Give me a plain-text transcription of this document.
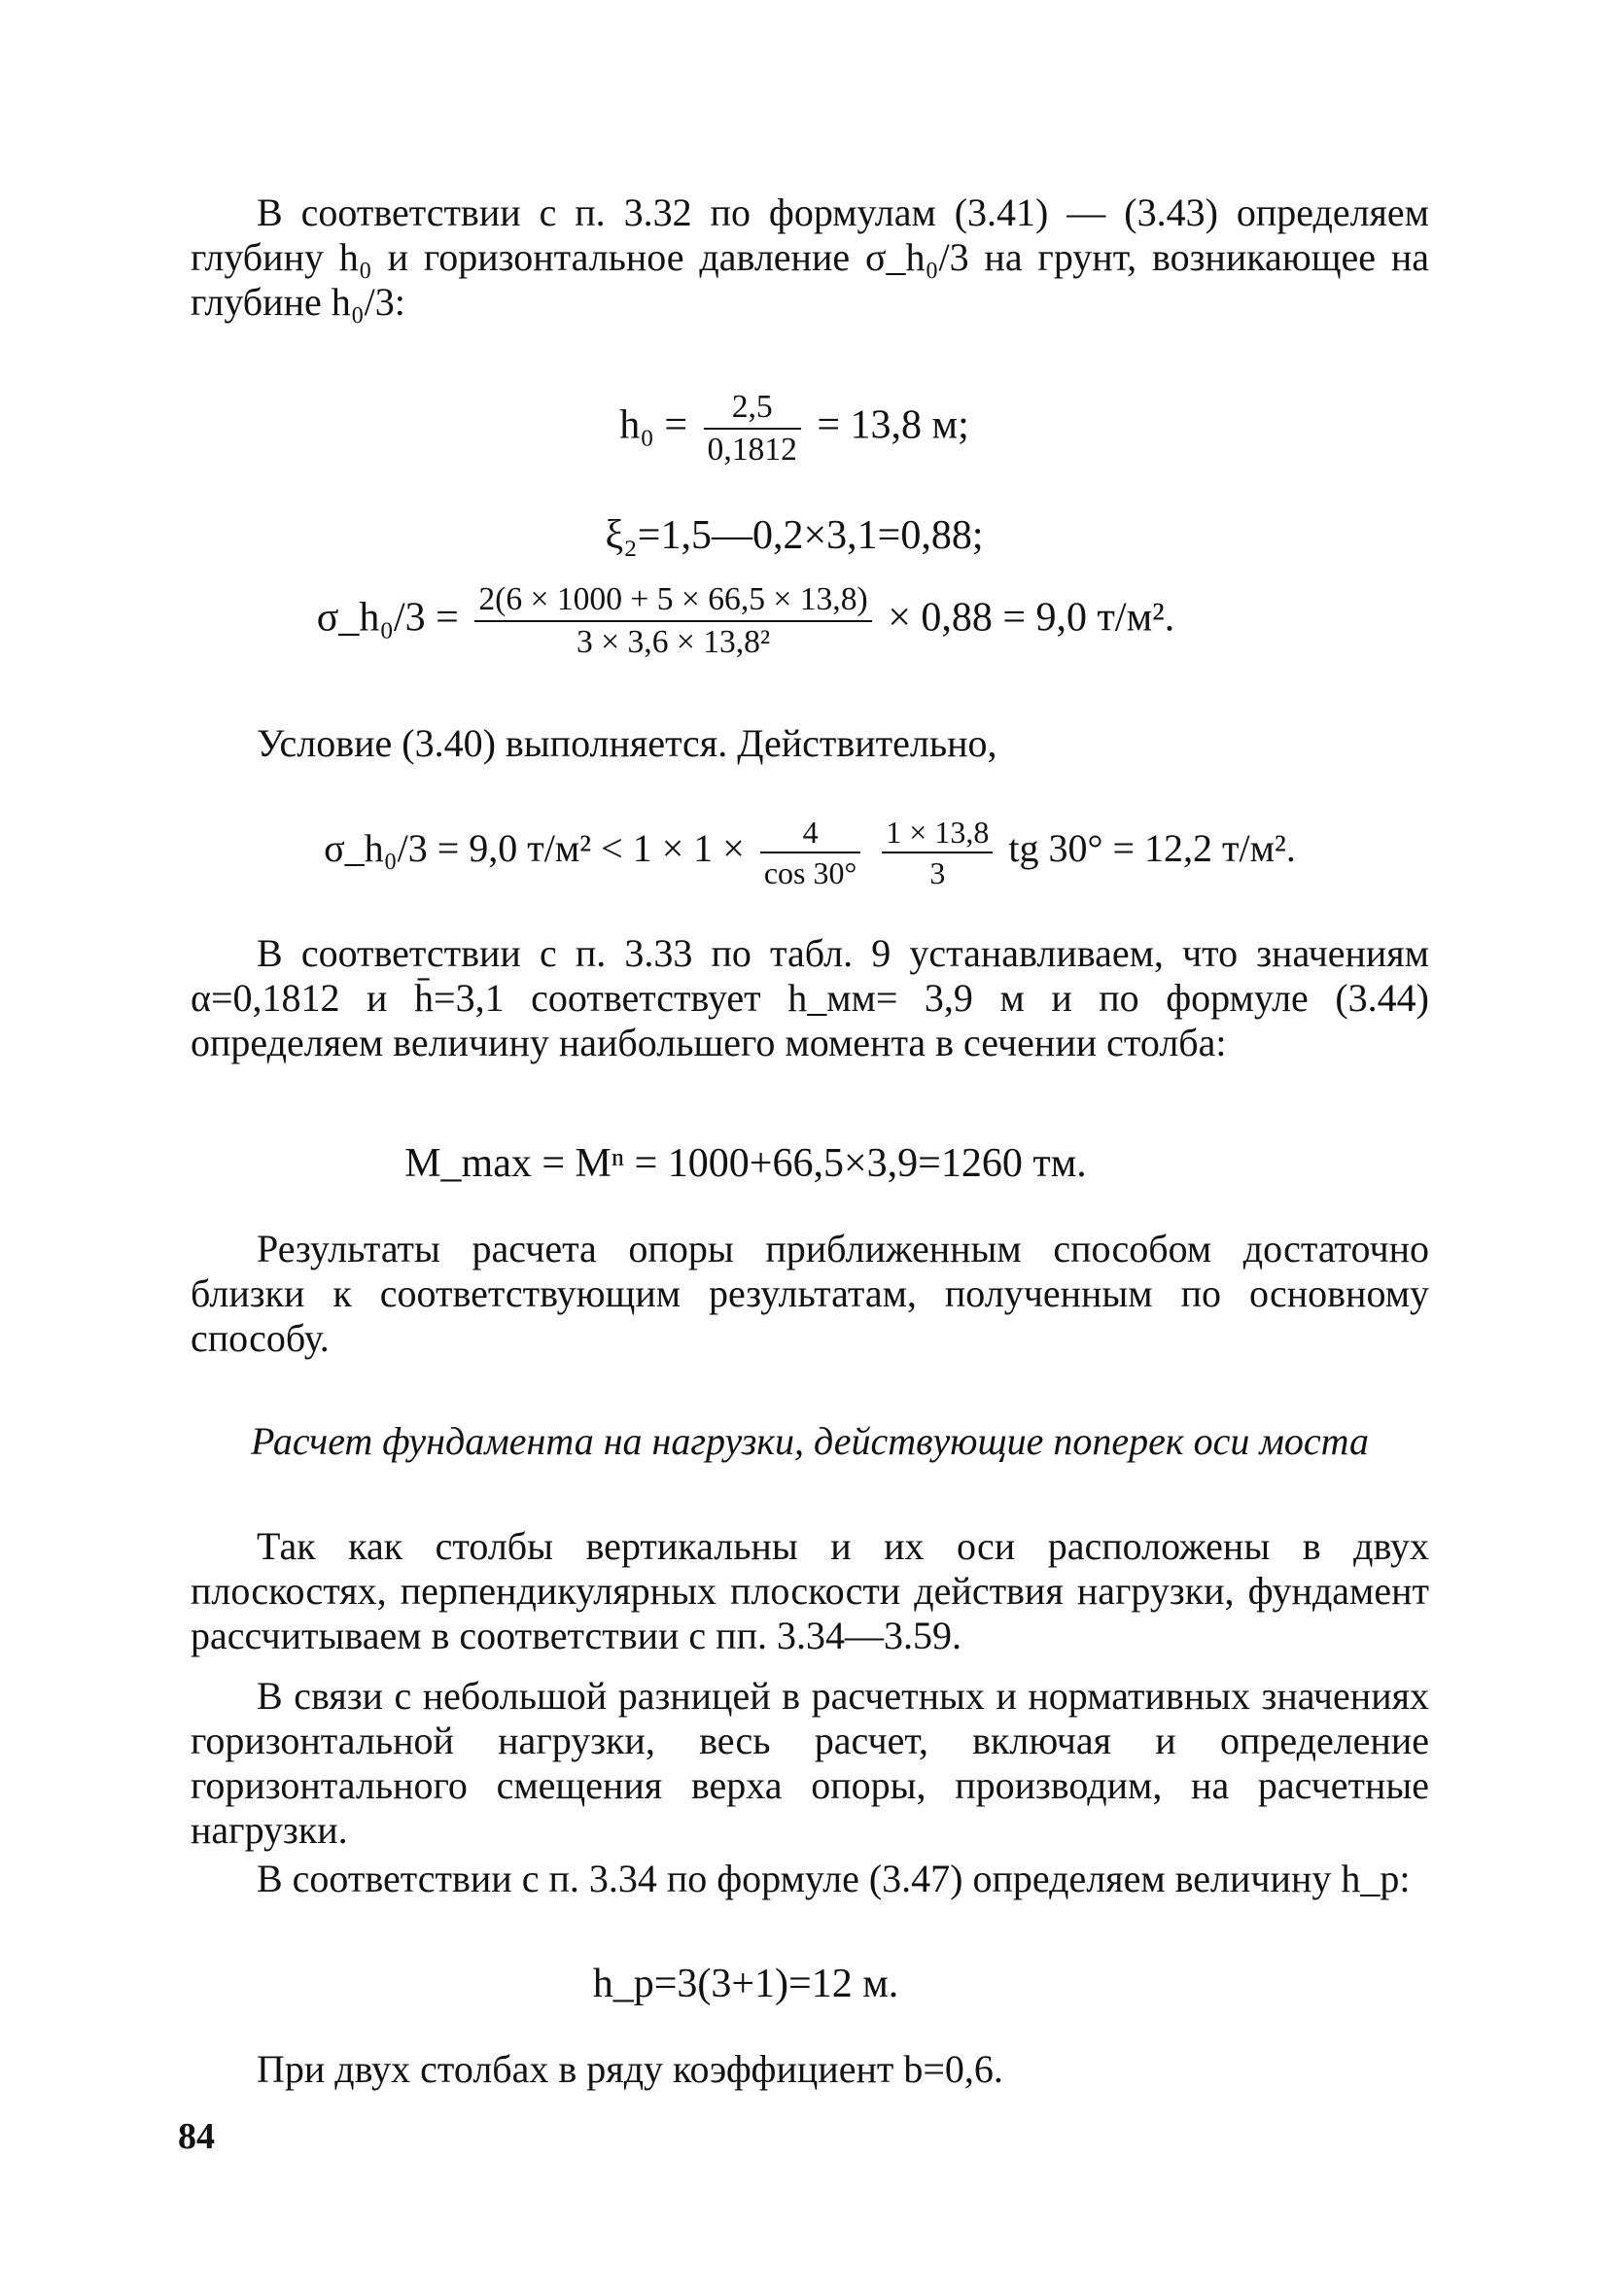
В соответствии с п. 3.32 по формулам (3.41) — (3.43) определяем глубину h₀ и горизонтальное давление σ_h₀/3 на грунт, возникающее на глубине h₀/3:

$h_0 = \frac{2,5}{0,1812} = 13,8$ м;
ξ₂=1,5—0,2×3,1=0,88;
σ_h₀/3 = $\frac{2(6 \times 1000 + 5 \times 66,5 \times 13,8)}{\text{3 × 3,6 × 13,8²}} \times 0,88 = 9,0$ т/м².

Условие (3.40) выполняется. Действительно,

σ_h₀/3 = 9,0 $т/м^2 < 1 \times 1 \times \frac{4}{\cos 30^\circ}$
$\frac{1 \times 13,8}{3}$ tg 30° = 12,2 т/м².

В соответствии с п. 3.33 по табл. 9 устанавливаем, что значениям α=0,1812 и h̄=3,1 соответствует h_мм= 3,9 м и по формуле (3.44) определяем величину наибольшего момента в сечении столба:

M_max = Mⁿ = 1000+66,5×3,9=1260 тм.

Результаты расчета опоры приближенным способом достаточно близки к соответствующим результатам, полученным по основному способу.

Расчет фундамента на нагрузки, действующие поперек оси моста

Так как столбы вертикальны и их оси расположены в двух плоскостях, перпендикулярных плоскости действия нагрузки, фундамент рассчитываем в соответствии с пп. 3.34—3.59.

В связи с небольшой разницей в расчетных и нормативных значениях горизонтальной нагрузки, весь расчет, включая и определение горизонтального смещения верха опоры, производим, на расчетные нагрузки.

В соответствии с п. 3.34 по формуле (3.47) определяем величину h_р:

h_р=3(3+1)=12 м.

При двух столбах в ряду коэффициент b=0,6.

84
